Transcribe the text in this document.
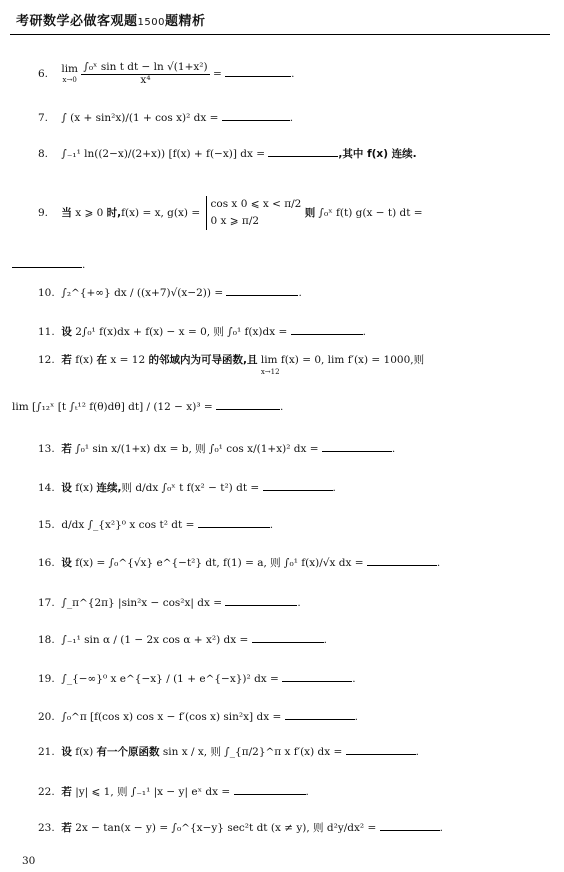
考研数学必做客观题1500题精析
6. lim
$x\to 0 \frac{\text{∫₀ˣ sin t dt − ln √(1+x²)}}{\text{x⁴}}$ =	.
7. ∫ (x + sin²x)/(1 + cos x)² dx =	.
8. ∫₋₁¹ ln((2−x)/(2+x)) [f(x) + f(−x)] dx =	,其中 f(x) 连续.
9. 当 x ⩾ 0 时,f(x) = x, g(x) = cos x 0 ⩽ x < π/2
0 x ⩾ π/2 则 ∫₀ˣ f(t) g(x − t) dt =
.
10. ∫₂^{+∞} dx / ((x+7)√(x−2)) =	.
11. 设 2∫₀¹ f(x)dx + f(x) − x = 0, 则 ∫₀¹ f(x)dx =	.
12. 若 f(x) 在 x = 12 的邻域内为可导函数,且 lim f(x) = 0, lim f′(x) = 1000,则
x→12
lim [∫₁₂ˣ [t ∫ₜ¹² f(θ)dθ] dt] / (12 − x)³ =	.
13. 若 ∫₀¹ sin x/(1+x) dx = b, 则 ∫₀¹ cos x/(1+x)² dx =	.
14. 设 f(x) 连续,则 d/dx ∫₀ˣ t f(x² − t²) dt =	.
15. d/dx ∫_{x²}⁰ x cos t² dt =	.
16. 设 f(x) = ∫₀^{√x} e^{−t²} dt, f(1) = a, 则 ∫₀¹ f(x)/√x dx =	.
17. ∫_π^{2π} |sin²x − cos²x| dx =	.
18. ∫₋₁¹ sin α / (1 − 2x cos α + x²) dx =	.
19. ∫_{−∞}⁰ x e^{−x} / (1 + e^{−x})² dx =	.
20. ∫₀^π [f(cos x) cos x − f′(cos x) sin²x] dx =	.
21. 设 f(x) 有一个原函数 sin x / x, 则 ∫_{π/2}^π x f′(x) dx =	.
22. 若 |y| ⩽ 1, 则 ∫₋₁¹ |x − y| eˣ dx =	.
23. 若 2x − tan(x − y) = ∫₀^{x−y} sec²t dt (x ≠ y), 则 d²y/dx² =	.
30
